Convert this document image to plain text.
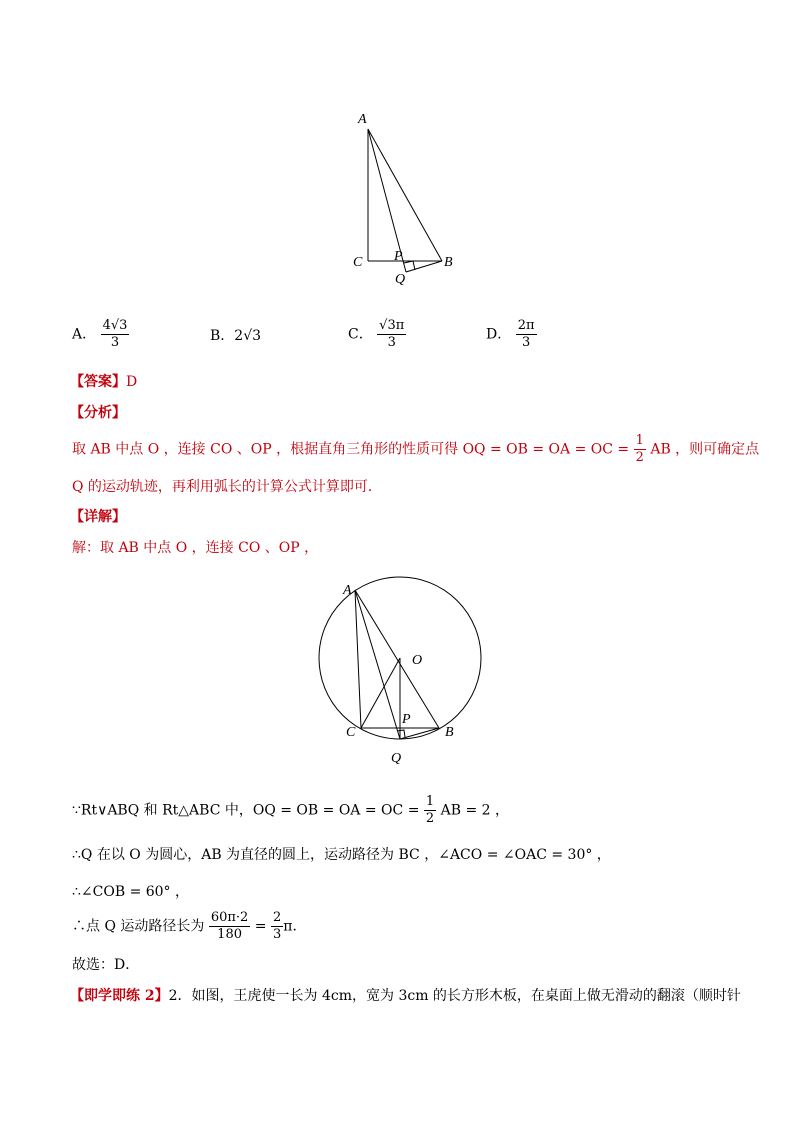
A
C P	B
Q
A． $\frac{4√3}{3}$	B．2√3	C． $\frac{√3\pi}{3}$	D． $\frac{2\pi}{3}$
【答案】D
【分析】
取 AB 中点 O ，连接 CO 、OP ，根据直角三角形的性质可得 OQ = OB = OA = OC = $\frac{1}{2}$ AB ，则可确定点
Q 的运动轨迹，再利用弧长的计算公式计算即可．
【详解】
解：取 AB 中点 O ，连接 CO 、OP ，
A
O
P
C	B
Q
∵Rt∨ABQ 和 Rt△ABC 中，OQ = OB = OA = OC = $\frac{1}{2}$ AB = 2 ，
∴Q 在以 O 为圆心，AB 为直径的圆上，运动路径为 BC ，∠ACO = ∠OAC = 30° ，
∴∠COB = 60° ，
∴点 Q 运动路径长为 $\frac{60\pi\cdot 2}{180} = \frac{2}{3}$ π．
故选：D．
【即学即练 2】2．如图，王虎使一长为 4cm，宽为 3cm 的长方形木板，在桌面上做无滑动的翻滚（顺时针
